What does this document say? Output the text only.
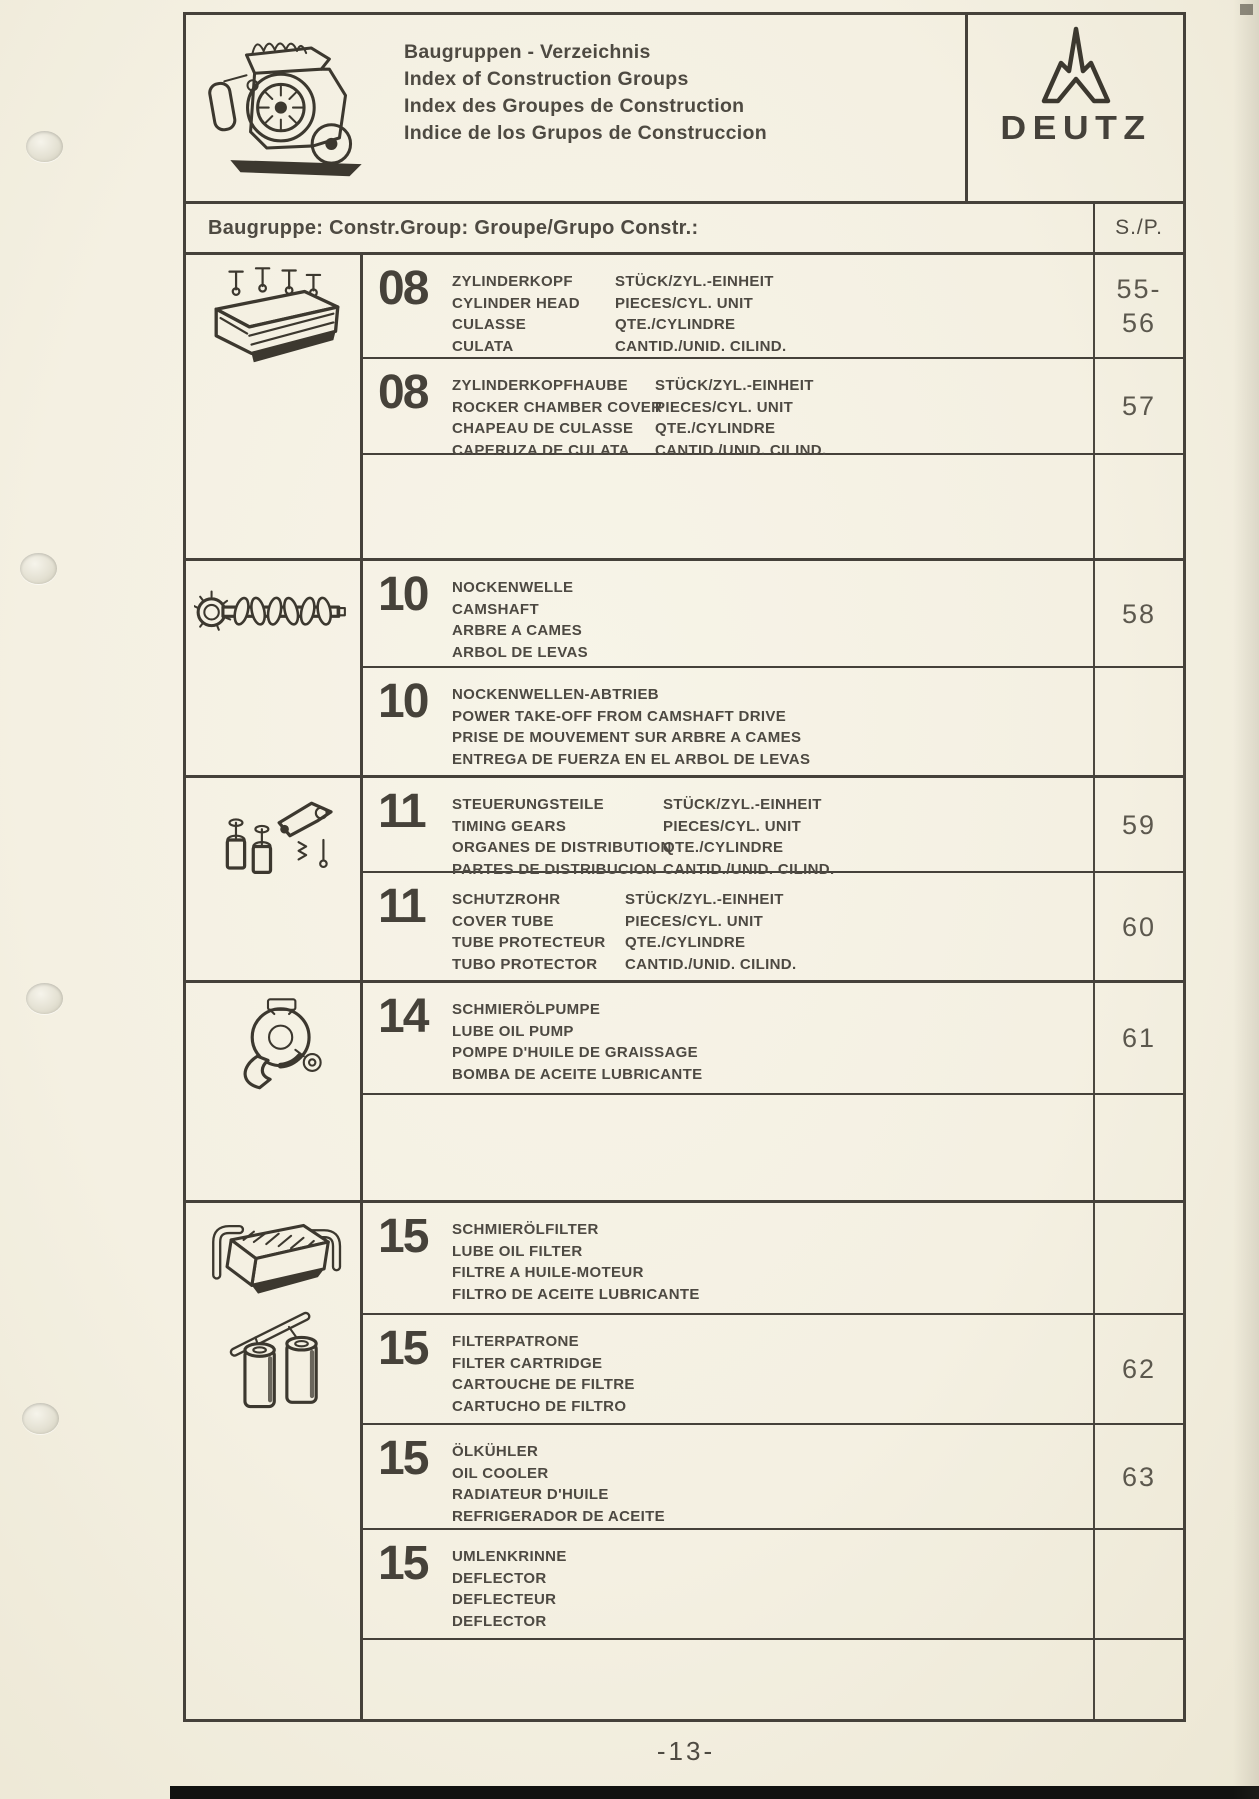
Baugruppen - Verzeichnis
Index of Construction Groups
Index des Groupes de Construction
Indice de los Grupos de Construccion	DEUTZ
Baugruppe: Constr.Group: Groupe/Grupo Constr.:	S./P.
08	ZYLINDERKOPF
CYLINDER HEAD
CULASSE
CULATA
STÜCK/ZYL.-EINHEIT
PIECES/CYL. UNIT
QTE./CYLINDRE
CANTID./UNID. CILIND.
55-
56
08	ZYLINDERKOPFHAUBE
ROCKER CHAMBER COVER
CHAPEAU DE CULASSE
CAPERUZA DE CULATA
STÜCK/ZYL.-EINHEIT
PIECES/CYL. UNIT
QTE./CYLINDRE
CANTID./UNID. CILIND.
57
10	NOCKENWELLE
CAMSHAFT
ARBRE A CAMES
ARBOL DE LEVAS
58
10	NOCKENWELLEN-ABTRIEB
POWER TAKE-OFF FROM CAMSHAFT DRIVE
PRISE DE MOUVEMENT SUR ARBRE A CAMES
ENTREGA DE FUERZA EN EL ARBOL DE LEVAS
11	STEUERUNGSTEILE
TIMING GEARS
ORGANES DE DISTRIBUTION
PARTES DE DISTRIBUCION
STÜCK/ZYL.-EINHEIT
PIECES/CYL. UNIT
QTE./CYLINDRE
CANTID./UNID. CILIND.
59
11	SCHUTZROHR
COVER TUBE
TUBE PROTECTEUR
TUBO PROTECTOR
STÜCK/ZYL.-EINHEIT
PIECES/CYL. UNIT
QTE./CYLINDRE
CANTID./UNID. CILIND.
60
14	SCHMIERÖLPUMPE
LUBE OIL PUMP
POMPE D'HUILE DE GRAISSAGE
BOMBA DE ACEITE LUBRICANTE
61
15	SCHMIERÖLFILTER
LUBE OIL FILTER
FILTRE A HUILE-MOTEUR
FILTRO DE ACEITE LUBRICANTE
15	FILTERPATRONE
FILTER CARTRIDGE
CARTOUCHE DE FILTRE
CARTUCHO DE FILTRO
62
15	ÖLKÜHLER
OIL COOLER
RADIATEUR D'HUILE
REFRIGERADOR DE ACEITE
63
15	UMLENKRINNE
DEFLECTOR
DEFLECTEUR
DEFLECTOR
-13-
